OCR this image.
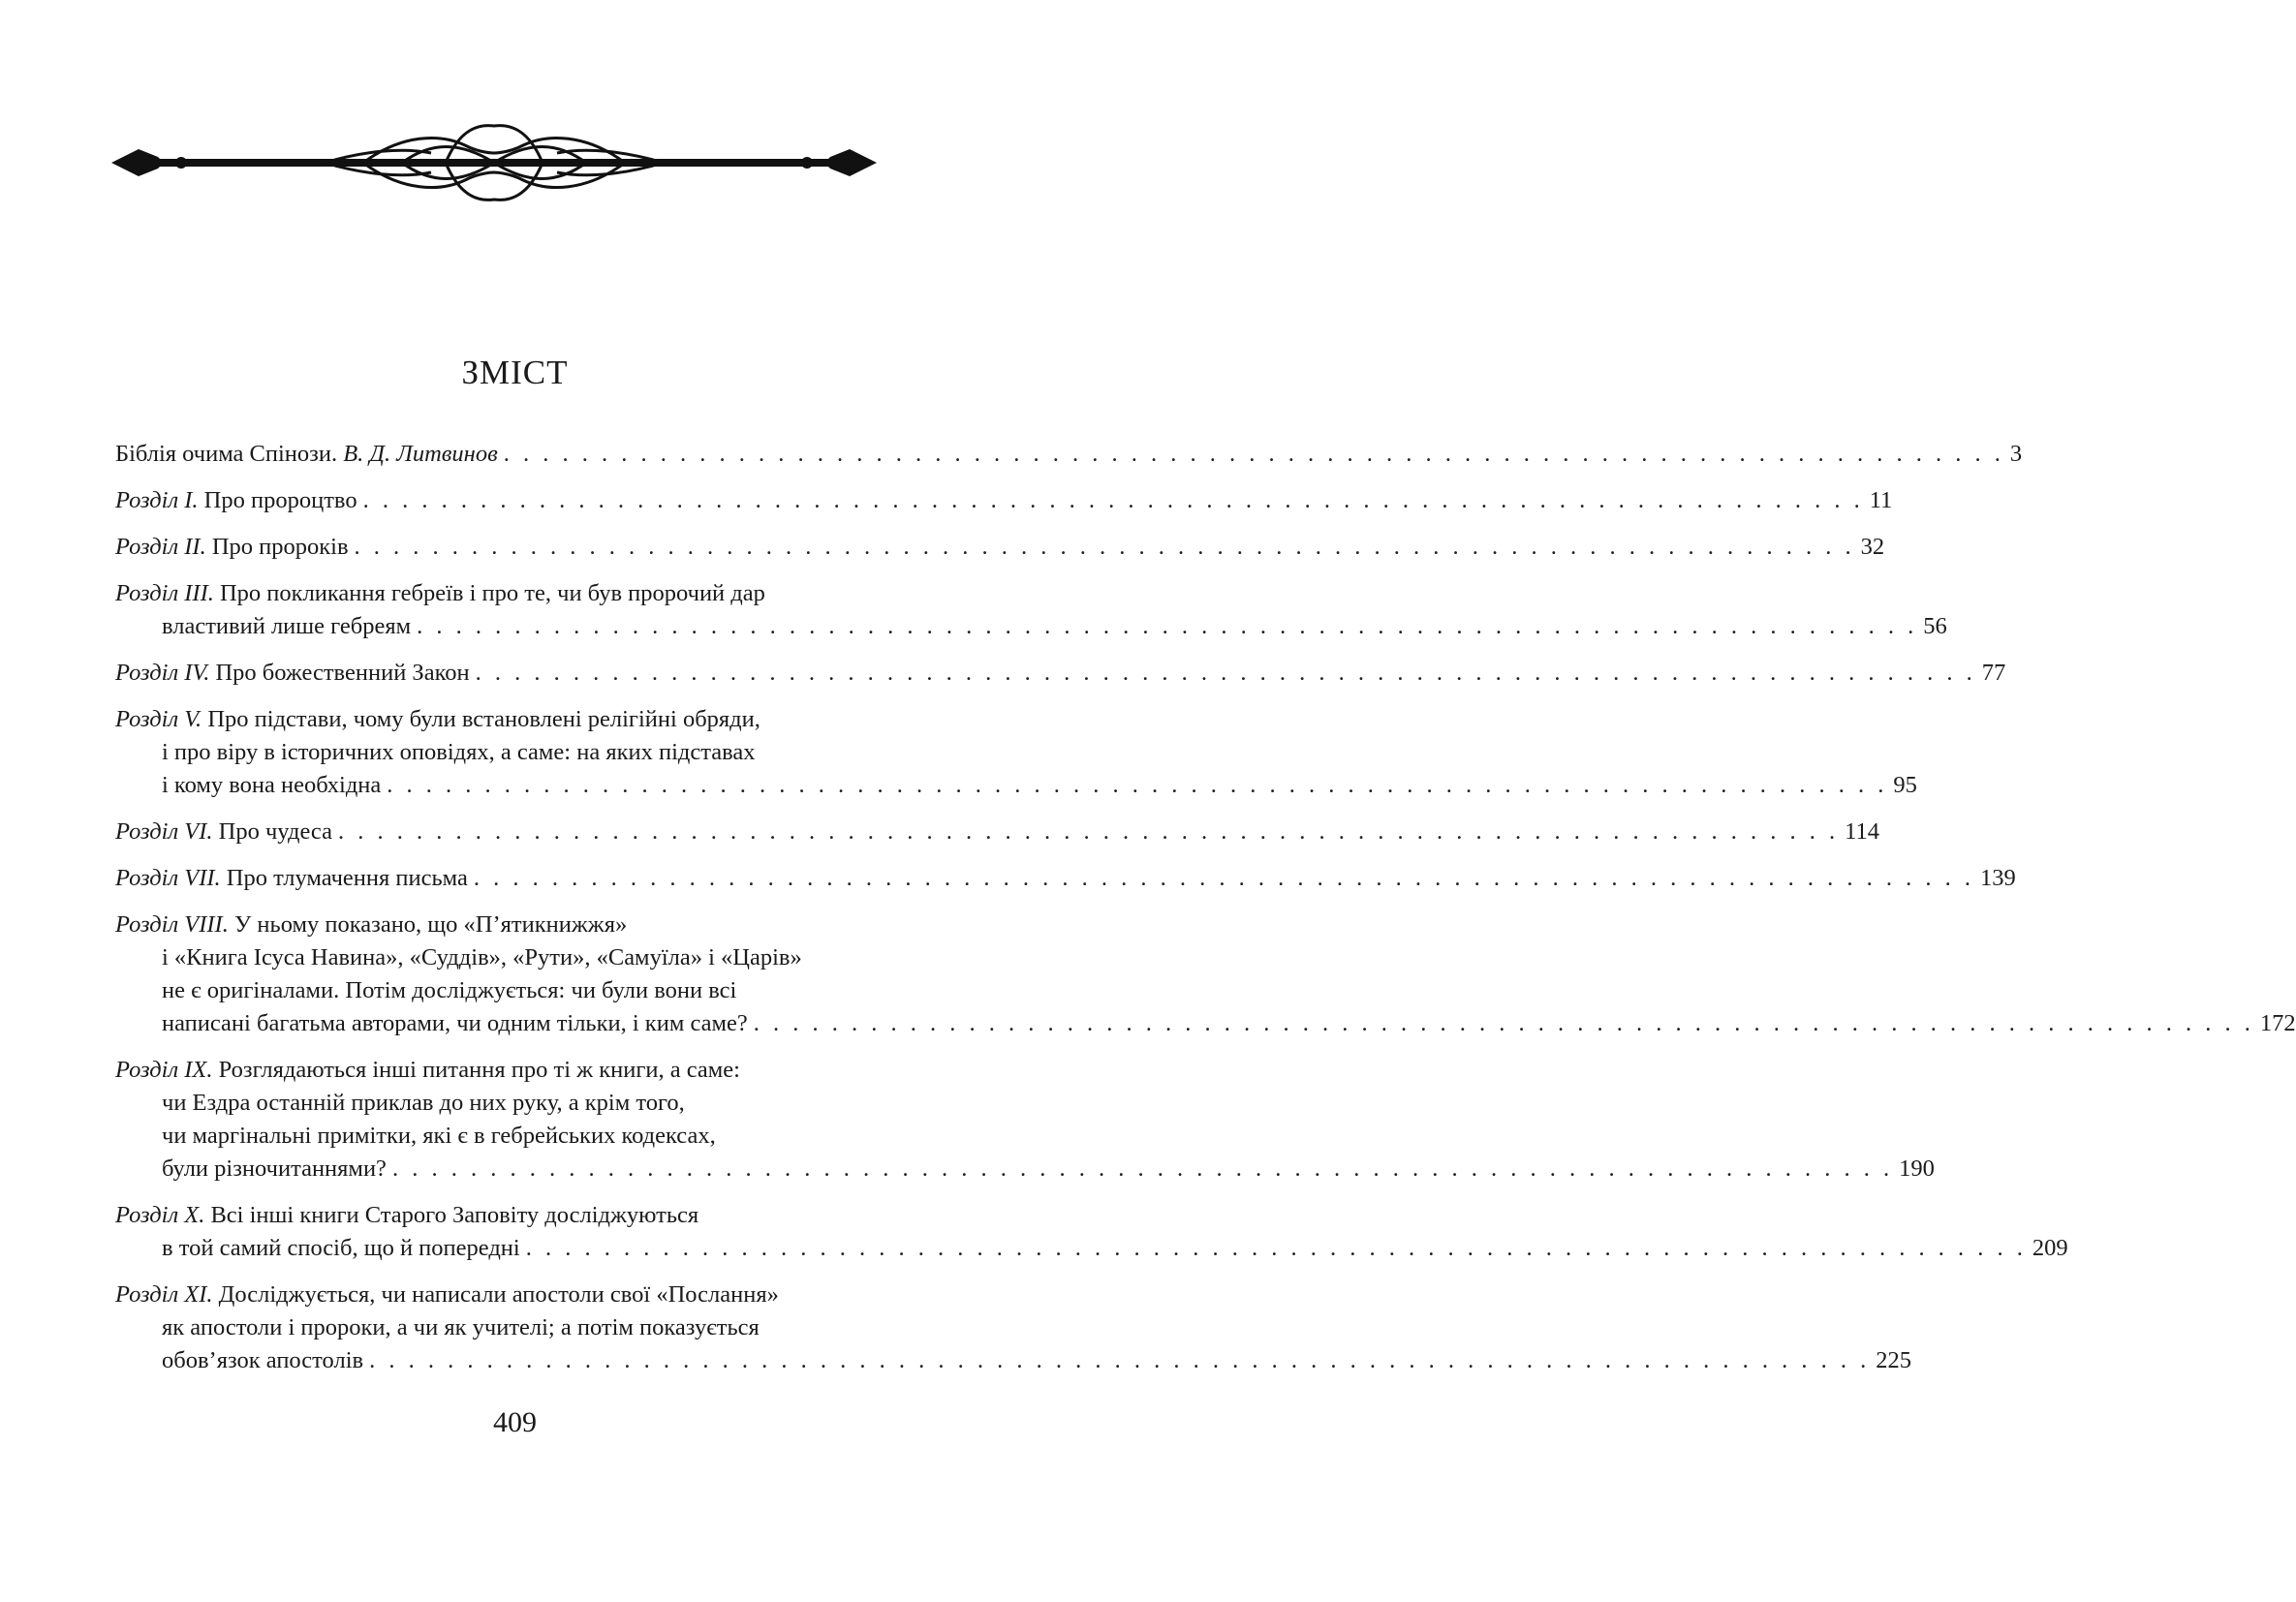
ЗМІСТ
Біблія очима Спінози. В. Д. Литвинов . . . . . . . . . . . . . . . . . . . . . . . . . . . . . . . . . . . . . . . . . . . . . . . . . . . . . . . . . . . . . . . . . . . . . . . . . . . . . 3
Розділ I. Про пророцтво . . . . . . . . . . . . . . . . . . . . . . . . . . . . . . . . . . . . . . . . . . . . . . . . . . . . . . . . . . . . . . . . . . . . . . . . . . . . . 11
Розділ II. Про пророків . . . . . . . . . . . . . . . . . . . . . . . . . . . . . . . . . . . . . . . . . . . . . . . . . . . . . . . . . . . . . . . . . . . . . . . . . . . . . 32
Розділ III. Про покликання гебреїв і про те, чи був пророчий дар
властивий лише гебреям . . . . . . . . . . . . . . . . . . . . . . . . . . . . . . . . . . . . . . . . . . . . . . . . . . . . . . . . . . . . . . . . . . . . . . . . . . . . . 56
Розділ IV. Про божественний Закон . . . . . . . . . . . . . . . . . . . . . . . . . . . . . . . . . . . . . . . . . . . . . . . . . . . . . . . . . . . . . . . . . . . . . . . . . . . . . 77
Розділ V. Про підстави, чому були встановлені релігійні обряди,
і про віру в історичних оповідях, а саме: на яких підставах
і кому вона необхідна . . . . . . . . . . . . . . . . . . . . . . . . . . . . . . . . . . . . . . . . . . . . . . . . . . . . . . . . . . . . . . . . . . . . . . . . . . . . . 95
Розділ VI. Про чудеса . . . . . . . . . . . . . . . . . . . . . . . . . . . . . . . . . . . . . . . . . . . . . . . . . . . . . . . . . . . . . . . . . . . . . . . . . . . . . 114
Розділ VII. Про тлумачення письма . . . . . . . . . . . . . . . . . . . . . . . . . . . . . . . . . . . . . . . . . . . . . . . . . . . . . . . . . . . . . . . . . . . . . . . . . . . . . 139
Розділ VIII. У ньому показано, що «П’ятикнижжя»
і «Книга Ісуса Навина», «Суддів», «Рути», «Самуїла» і «Царів»
не є оригіналами. Потім досліджується: чи були вони всі
написані багатьма авторами, чи одним тільки, і ким саме? . . . . . . . . . . . . . . . . . . . . . . . . . . . . . . . . . . . . . . . . . . . . . . . . . . . . . . . . . . . . . . . . . . . . . . . . . . . . . 172
Розділ IX. Розглядаються інші питання про ті ж книги, а саме:
чи Ездра останній приклав до них руку, а крім того,
чи маргінальні примітки, які є в гебрейських кодексах,
були різночитаннями? . . . . . . . . . . . . . . . . . . . . . . . . . . . . . . . . . . . . . . . . . . . . . . . . . . . . . . . . . . . . . . . . . . . . . . . . . . . . . 190
Розділ X. Всі інші книги Старого Заповіту досліджуються
в той самий спосіб, що й попередні . . . . . . . . . . . . . . . . . . . . . . . . . . . . . . . . . . . . . . . . . . . . . . . . . . . . . . . . . . . . . . . . . . . . . . . . . . . . . 209
Розділ XI. Досліджується, чи написали апостоли свої «Послання»
як апостоли і пророки, а чи як учителі; а потім показується
обов’язок апостолів . . . . . . . . . . . . . . . . . . . . . . . . . . . . . . . . . . . . . . . . . . . . . . . . . . . . . . . . . . . . . . . . . . . . . . . . . . . . . 225
409
